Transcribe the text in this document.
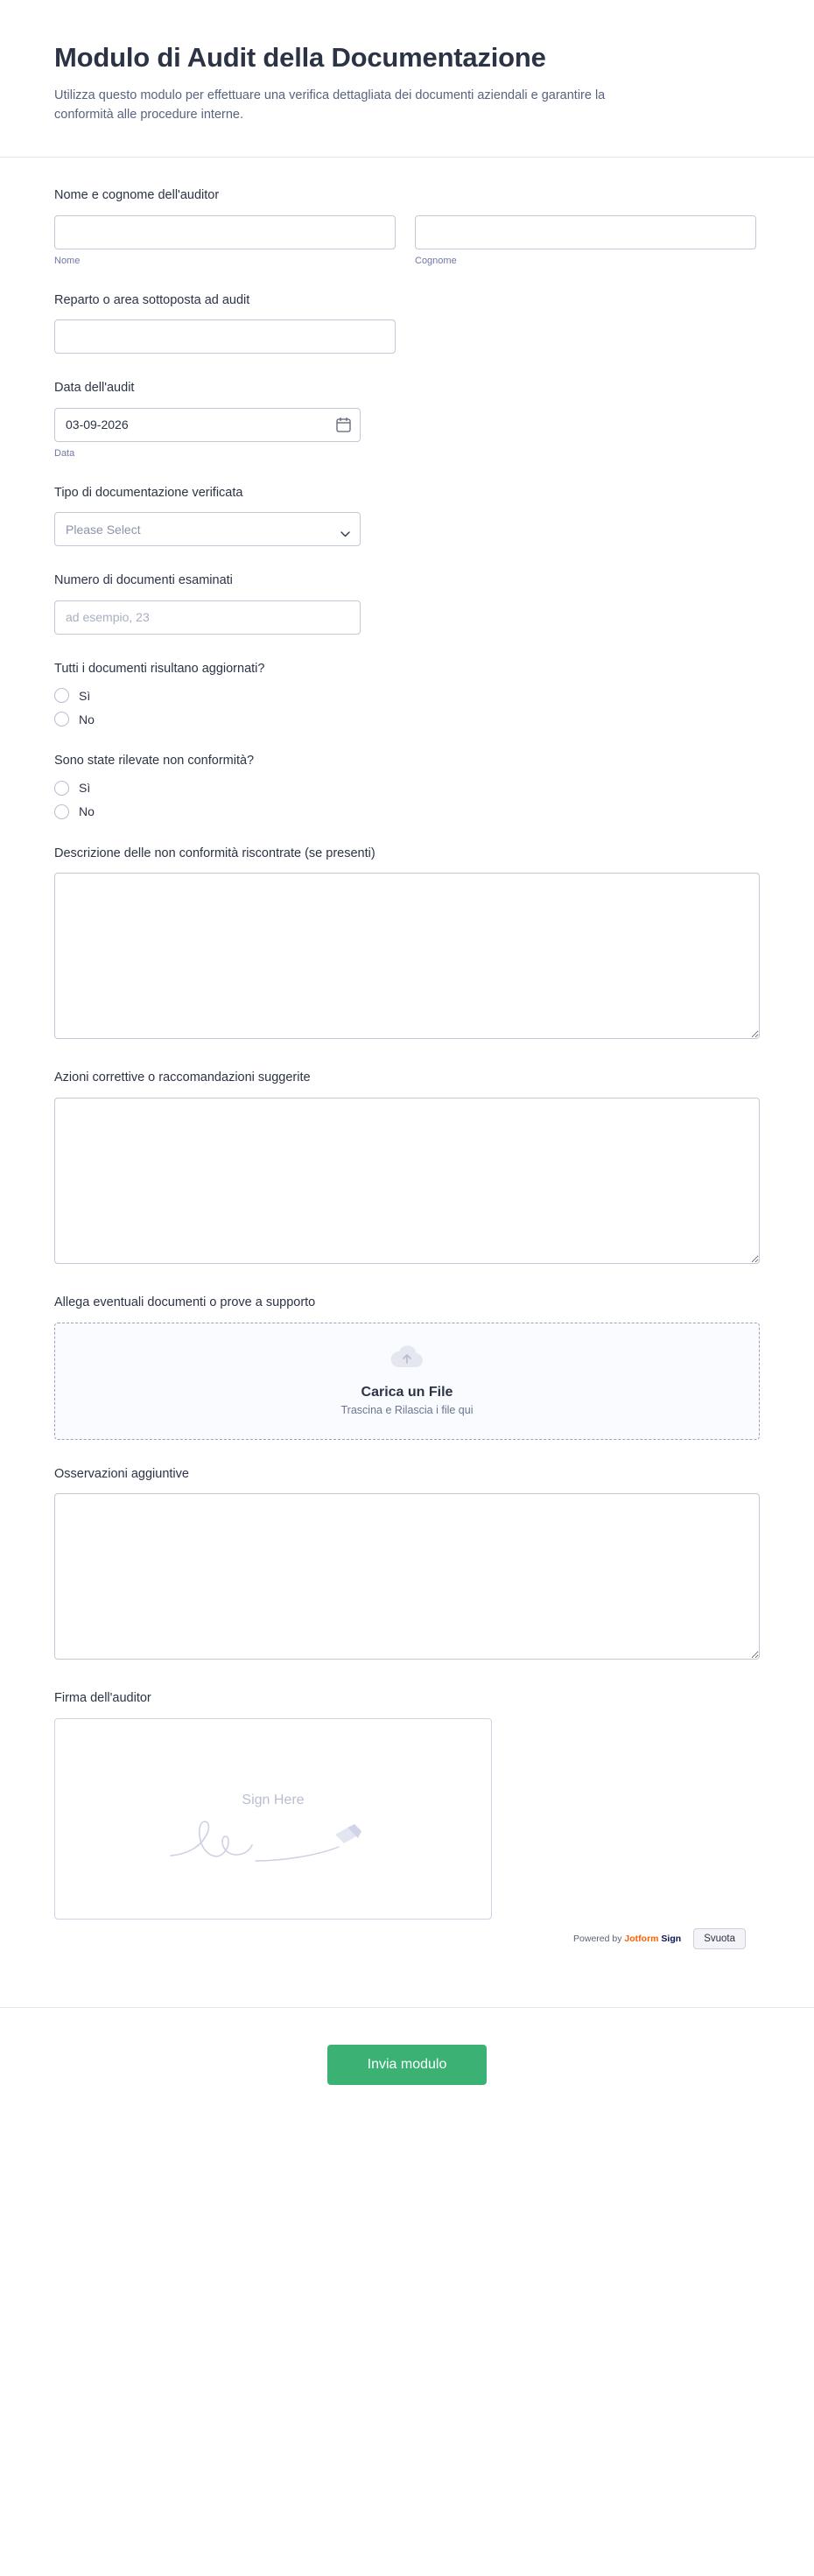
Modulo di Audit della Documentazione

Utilizza questo modulo per effettuare una verifica dettagliata dei documenti aziendali e garantire la conformità alle procedure interne.

Nome e cognome dell'auditor
Nome	Cognome
Reparto o area sottoposta ad audit
Data dell'audit
03-09-2026
Data
Tipo di documentazione verificata
Please Select
Numero di documenti esaminati
ad esempio, 23
Tutti i documenti risultano aggiornati?
Sì
No
Sono state rilevate non conformità?
Sì
No
Descrizione delle non conformità riscontrate (se presenti)
Azioni correttive o raccomandazioni suggerite
Allega eventuali documenti o prove a supporto
Carica un File
Trascina e Rilascia i file qui
Osservazioni aggiuntive
Firma dell'auditor
Sign Here
Powered by Jotform Sign	Svuota
Invia modulo
